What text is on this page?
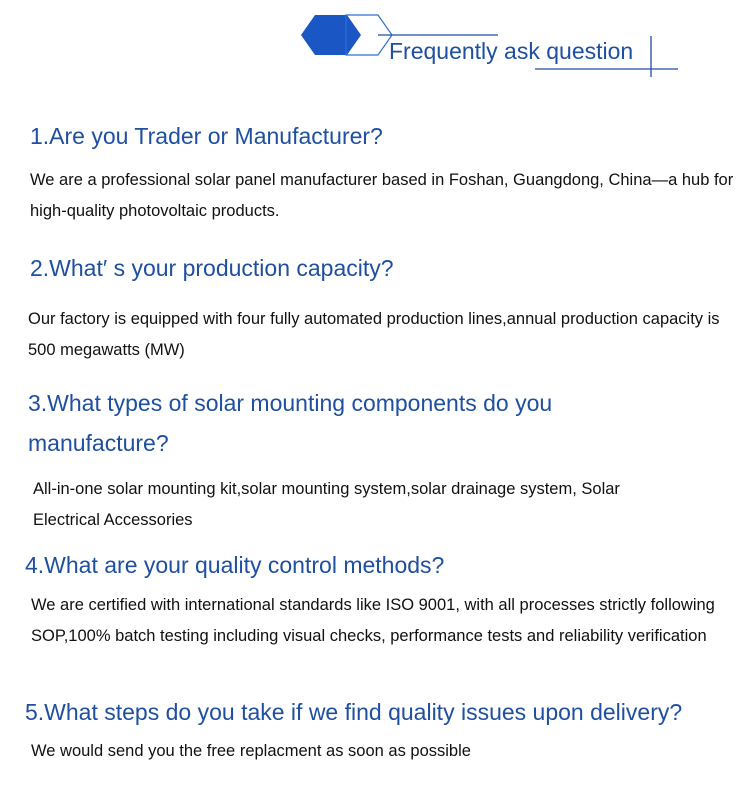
Frequently ask question
1.Are you Trader or Manufacturer?
We are a professional solar panel manufacturer based in Foshan, Guangdong, China—a hub for high-quality photovoltaic products.
2.What′ s your production capacity?
Our factory is equipped with four fully automated production lines,annual production capacity is 500 megawatts (MW)
3.What types of solar mounting components do you manufacture?
All-in-one solar mounting kit,solar mounting system,solar drainage system, Solar Electrical Accessories
4.What are your quality control methods?
We are certified with international standards like ISO 9001, with all processes strictly following SOP,100% batch testing including visual checks, performance tests and reliability verification
5.What steps do you take if we find quality issues upon delivery?
We would send you the free replacment as soon as possible
